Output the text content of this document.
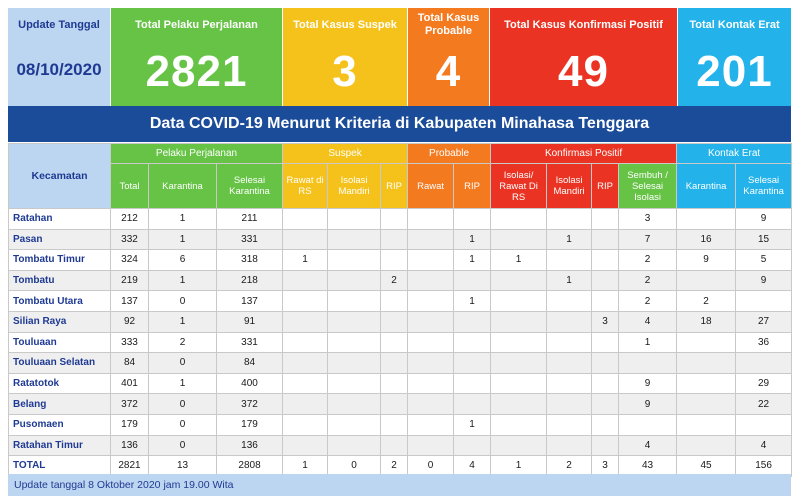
Update Tanggal
08/10/2020
Total Pelaku Perjalanan
2821
Total Kasus Suspek
3
Total Kasus Probable
4
Total Kasus Konfirmasi Positif
49
Total Kontak Erat
201
Data COVID-19 Menurut Kriteria di Kabupaten Minahasa Tenggara
Kecamatan	Pelaku Perjalanan			Suspek			Probable		Konfirmasi Positif				Kontak Erat	
	Total	Karantina	Selesai Karantina	Rawat di RS	Isolasi Mandiri	RIP	Rawat	RIP	Isolasi/ Rawat Di RS	Isolasi Mandiri	RIP	Sembuh / Selesai Isolasi	Karantina	Selesai Karantina
Ratahan	212	1	211									3		9
Pasan	332	1	331					1		1		7	16	15
Tombatu Timur	324	6	318	1				1	1			2	9	5
Tombatu	219	1	218			2				1		2		9
Tombatu Utara	137	0	137					1				2	2	
Silian Raya	92	1	91								3	4	18	27
Touluaan	333	2	331									1		36
Touluaan Selatan	84	0	84											
Ratatotok	401	1	400									9		29
Belang	372	0	372									9		22
Pusomaen	179	0	179					1						
Ratahan Timur	136	0	136									4		4
TOTAL	2821	13	2808	1	0	2	0	4	1	2	3	43	45	156
Update tanggal 8 Oktober 2020 jam 19.00 Wita
